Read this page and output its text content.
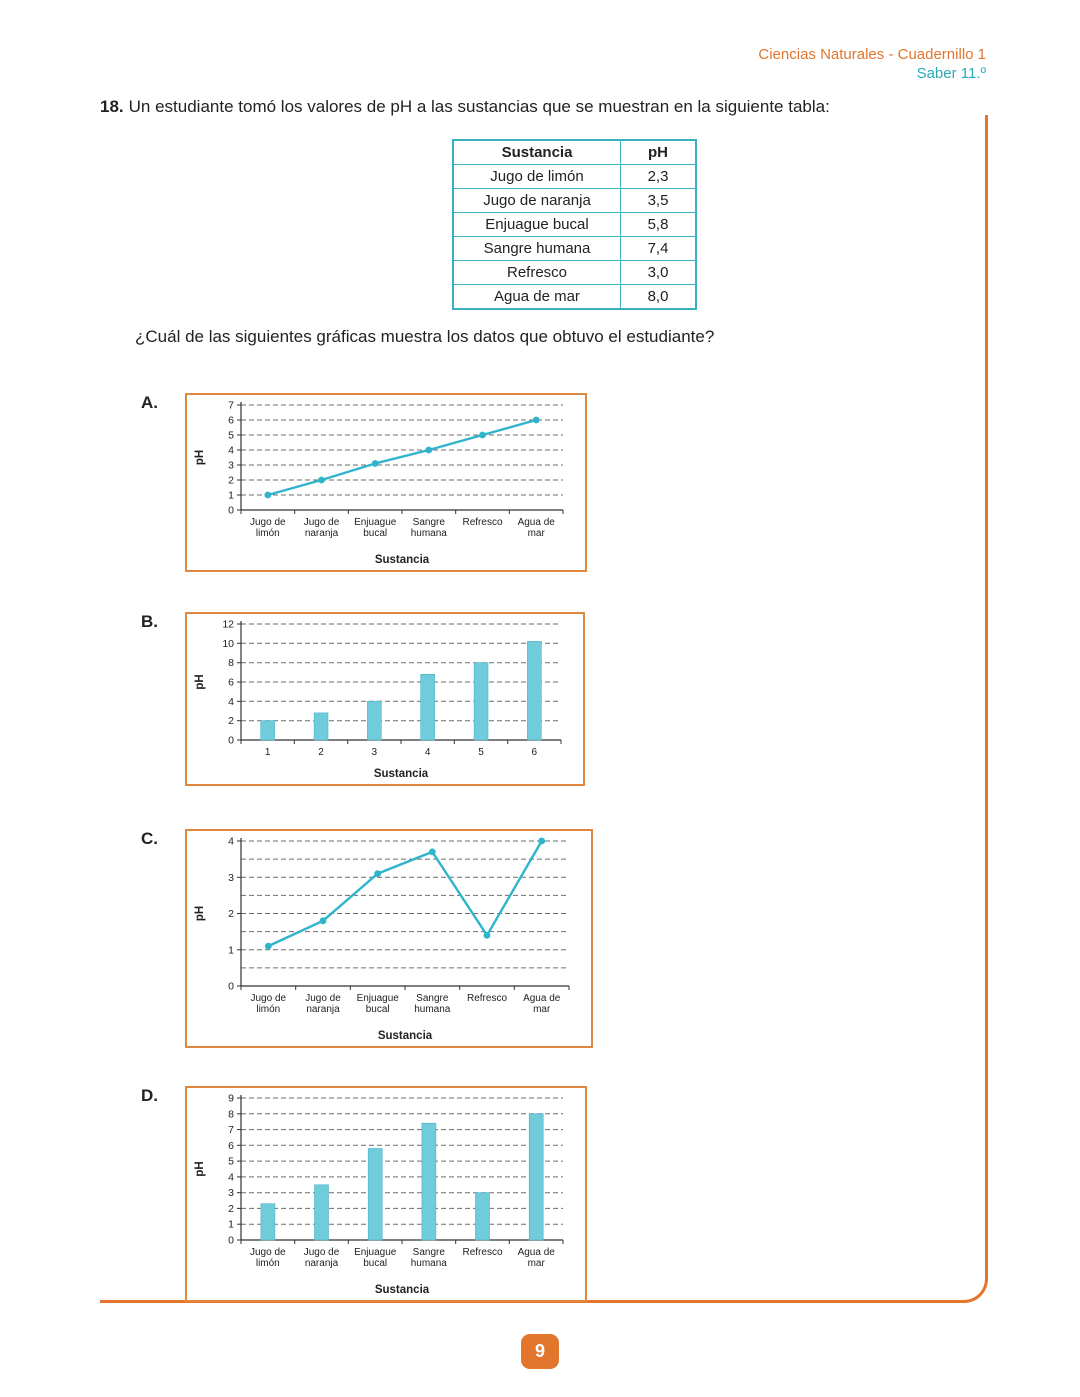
Ciencias Naturales - Cuadernillo 1
Saber 11.º
18. Un estudiante tomó los valores de pH a las sustancias que se muestran en la siguiente tabla:
Sustancia	pH
Jugo de limón	2,3
Jugo de naranja	3,5
Enjuague bucal	5,8
Sangre humana	7,4
Refresco	3,0
Agua de mar	8,0
¿Cuál de las siguientes gráficas muestra los datos que obtuvo el estudiante?
A.
0
1
2
3
4
5
6
7
Jugo de
limón
Jugo de
naranja
Enjuague
bucal
Sangre
humana
Refresco Agua de
mar
Sustancia
pH
B.
0
2
4
6
8
10
12
1	2	3	4	5	6
Sustancia
pH
C.
0
1
2
3
4
Jugo de
limón
Jugo de
naranja
Enjuague
bucal
Sangre
humana
Refresco Agua de
mar
Sustancia
pH
D.
0
1
2
3
4
5
6
7
8
9
Jugo de
limón
Jugo de
naranja
Enjuague
bucal
Sangre
humana
Refresco Agua de
mar
Sustancia
pH
9
